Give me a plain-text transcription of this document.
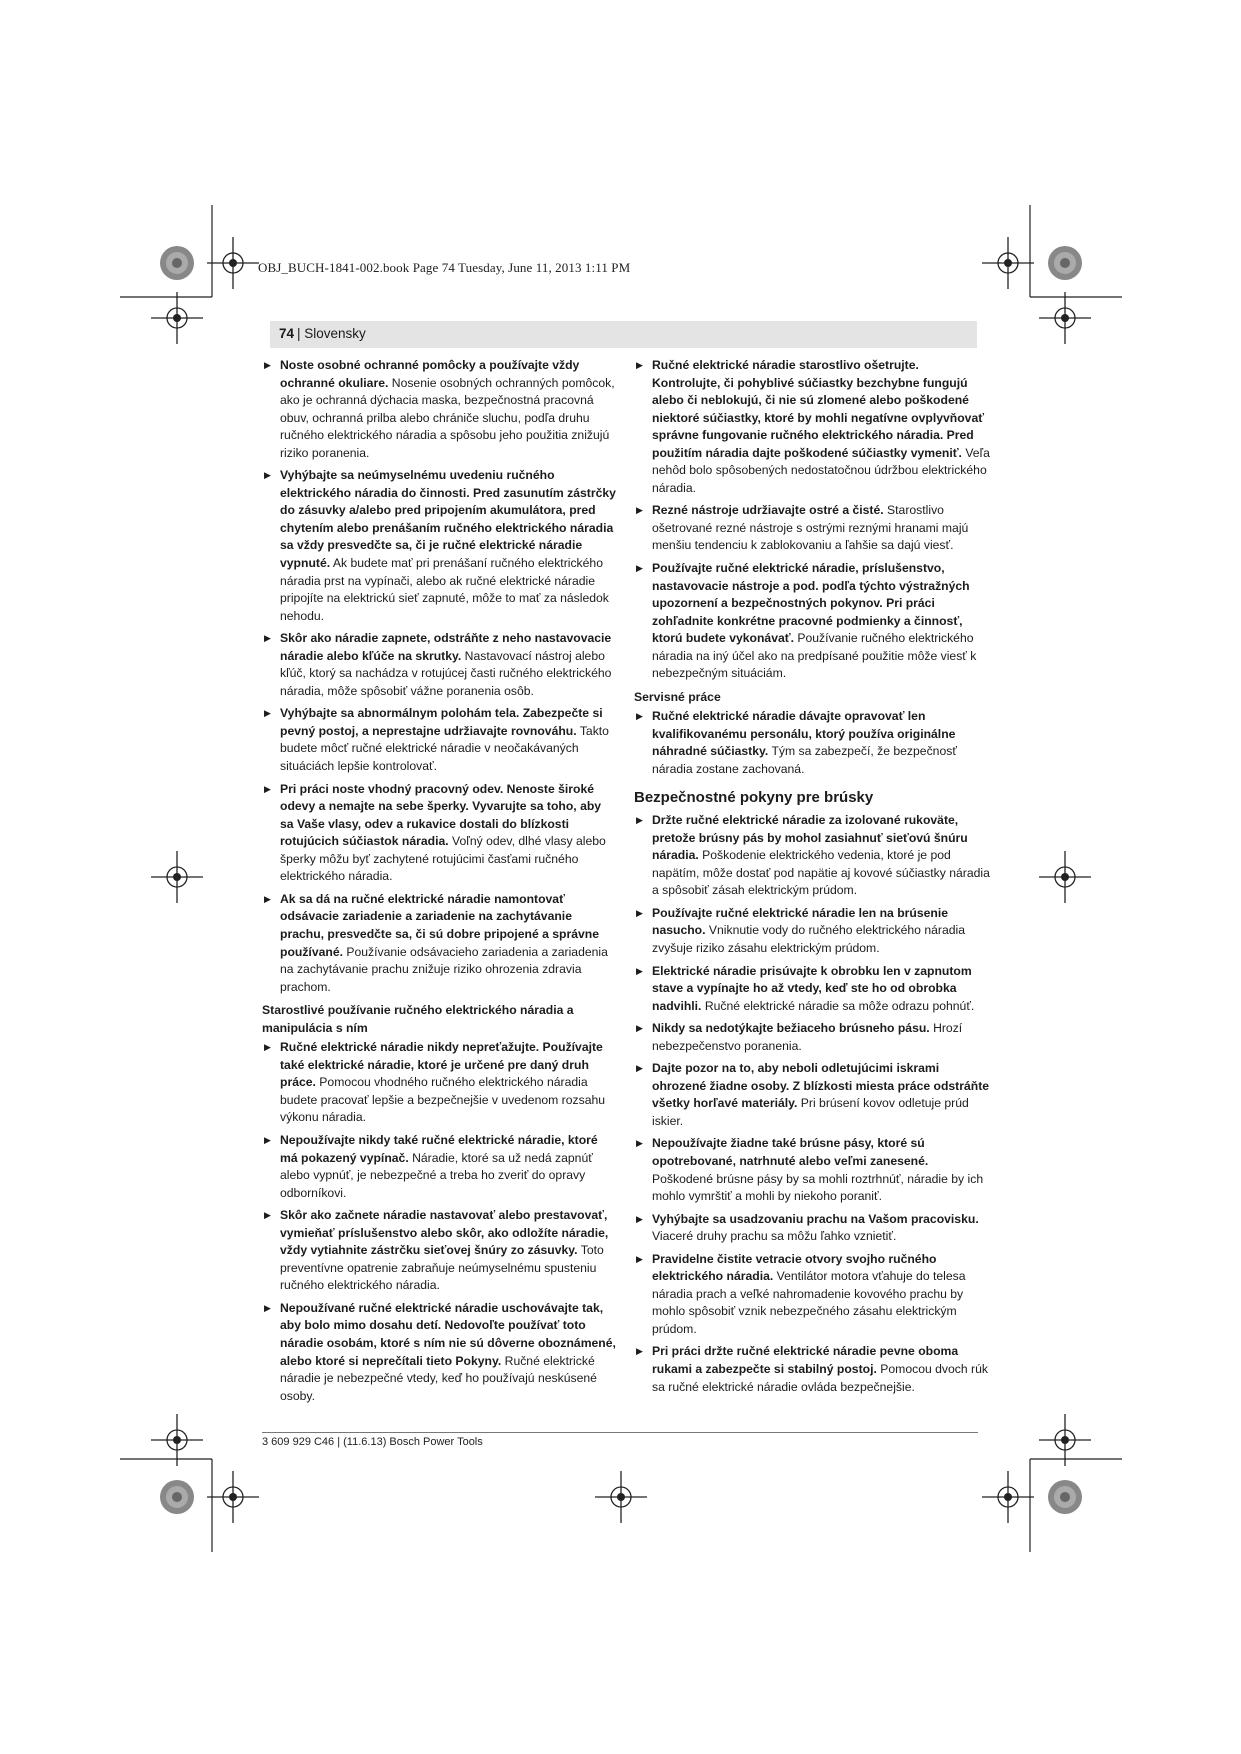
OBJ_BUCH-1841-002.book Page 74 Tuesday, June 11, 2013 1:11 PM
74 | Slovensky
▶ Noste osobné ochranné pomôcky a používajte vždy ochranné okuliare. Nosenie osobných ochranných pomôcok, ako je ochranná dýchacia maska, bezpečnostná pracovná obuv, ochranná prilba alebo chrániče sluchu, podľa druhu ručného elektrického náradia a spôsobu jeho použitia znižujú riziko poranenia.
▶ Vyhýbajte sa neúmyselnému uvedeniu ručného elektrického náradia do činnosti. Pred zasunutím zástrčky do zásuvky a/alebo pred pripojením akumulátora, pred chytením alebo prenášaním ručného elektrického náradia sa vždy presvedčte sa, či je ručné elektrické náradie vypnuté. Ak budete mať pri prenášaní ručného elektrického náradia prst na vypínači, alebo ak ručné elektrické náradie pripojíte na elektrickú sieť zapnuté, môže to mať za následok nehodu.
▶ Skôr ako náradie zapnete, odstráňte z neho nastavovacie náradie alebo kľúče na skrutky. Nastavovací nástroj alebo kľúč, ktorý sa nachádza v rotujúcej časti ručného elektrického náradia, môže spôsobiť vážne poranenia osôb.
▶ Vyhýbajte sa abnormálnym polohám tela. Zabezpečte si pevný postoj, a neprestajne udržiavajte rovnováhu. Takto budete môcť ručné elektrické náradie v neočakávaných situáciách lepšie kontrolovať.
▶ Pri práci noste vhodný pracovný odev. Nenoste široké odevy a nemajte na sebe šperky. Vyvarujte sa toho, aby sa Vaše vlasy, odev a rukavice dostali do blízkosti rotujúcich súčiastok náradia. Voľný odev, dlhé vlasy alebo šperky môžu byť zachytené rotujúcimi časťami ručného elektrického náradia.
▶ Ak sa dá na ručné elektrické náradie namontovať odsávacie zariadenie a zariadenie na zachytávanie prachu, presvedčte sa, či sú dobre pripojené a správne používané. Používanie odsávacieho zariadenia a zariadenia na zachytávanie prachu znižuje riziko ohrozenia zdravia prachom.
Starostlivé používanie ručného elektrického náradia a manipulácia s ním
▶ Ručné elektrické náradie nikdy nepreťažujte. Používajte také elektrické náradie, ktoré je určené pre daný druh práce. Pomocou vhodného ručného elektrického náradia budete pracovať lepšie a bezpečnejšie v uvedenom rozsahu výkonu náradia.
▶ Nepoužívajte nikdy také ručné elektrické náradie, ktoré má pokazený vypínač. Náradie, ktoré sa už nedá zapnúť alebo vypnúť, je nebezpečné a treba ho zveriť do opravy odborníkovi.
▶ Skôr ako začnete náradie nastavovať alebo prestavovať, vymieňať príslušenstvo alebo skôr, ako odložíte náradie, vždy vytiahnite zástrčku sieťovej šnúry zo zásuvky. Toto preventívne opatrenie zabraňuje neúmyselnému spusteniu ručného elektrického náradia.
▶ Nepoužívané ručné elektrické náradie uschovávajte tak, aby bolo mimo dosahu detí. Nedovoľte používať toto náradie osobám, ktoré s ním nie sú dôverne oboznámené, alebo ktoré si neprečítali tieto Pokyny. Ručné elektrické náradie je nebezpečné vtedy, keď ho používajú neskúsené osoby.
▶ Ručné elektrické náradie starostlivo ošetrujte. Kontrolujte, či pohyblivé súčiastky bezchybne fungujú alebo či neblokujú, či nie sú zlomené alebo poškodené niektoré súčiastky, ktoré by mohli negatívne ovplyvňovať správne fungovanie ručného elektrického náradia. Pred použitím náradia dajte poškodené súčiastky vymeniť. Veľa nehôd bolo spôsobených nedostatočnou údržbou elektrického náradia.
▶ Rezné nástroje udržiavajte ostré a čisté. Starostlivo ošetrované rezné nástroje s ostrými reznými hranami majú menšiu tendenciu k zablokovaniu a ľahšie sa dajú viesť.
▶ Používajte ručné elektrické náradie, príslušenstvo, nastavovacie nástroje a pod. podľa týchto výstražných upozornení a bezpečnostných pokynov. Pri práci zohľadnite konkrétne pracovné podmienky a činnosť, ktorú budete vykonávať. Používanie ručného elektrického náradia na iný účel ako na predpísané použitie môže viesť k nebezpečným situáciám.
Servisné práce
▶ Ručné elektrické náradie dávajte opravovať len kvalifikovanému personálu, ktorý používa originálne náhradné súčiastky. Tým sa zabezpečí, že bezpečnosť náradia zostane zachovaná.
Bezpečnostné pokyny pre brúsky
▶ Držte ručné elektrické náradie za izolované rukoväte, pretože brúsny pás by mohol zasiahnuť sieťovú šnúru náradia. Poškodenie elektrického vedenia, ktoré je pod napätím, môže dostať pod napätie aj kovové súčiastky náradia a spôsobiť zásah elektrickým prúdom.
▶ Používajte ručné elektrické náradie len na brúsenie nasucho. Vniknutie vody do ručného elektrického náradia zvyšuje riziko zásahu elektrickým prúdom.
▶ Elektrické náradie prisúvajte k obrobku len v zapnutom stave a vypínajte ho až vtedy, keď ste ho od obrobka nadvihli. Ručné elektrické náradie sa môže odrazu pohnúť.
▶ Nikdy sa nedotýkajte bežiaceho brúsneho pásu. Hrozí nebezpečenstvo poranenia.
▶ Dajte pozor na to, aby neboli odletujúcimi iskrami ohrozené žiadne osoby. Z blízkosti miesta práce odstráňte všetky horľavé materiály. Pri brúsení kovov odletuje prúd iskier.
▶ Nepoužívajte žiadne také brúsne pásy, ktoré sú opotrebované, natrhnuté alebo veľmi zanesené. Poškodené brúsne pásy by sa mohli roztrhnúť, náradie by ich mohlo vymrštiť a mohli by niekoho poraniť.
▶ Vyhýbajte sa usadzovaniu prachu na Vašom pracovisku. Viaceré druhy prachu sa môžu ľahko vznietiť.
▶ Pravidelne čistite vetracie otvory svojho ručného elektrického náradia. Ventilátor motora vťahuje do telesa náradia prach a veľké nahromadenie kovového prachu by mohlo spôsobiť vznik nebezpečného zásahu elektrickým prúdom.
▶ Pri práci držte ručné elektrické náradie pevne oboma rukami a zabezpečte si stabilný postoj. Pomocou dvoch rúk sa ručné elektrické náradie ovláda bezpečnejšie.
3 609 929 C46 | (11.6.13) Bosch Power Tools
